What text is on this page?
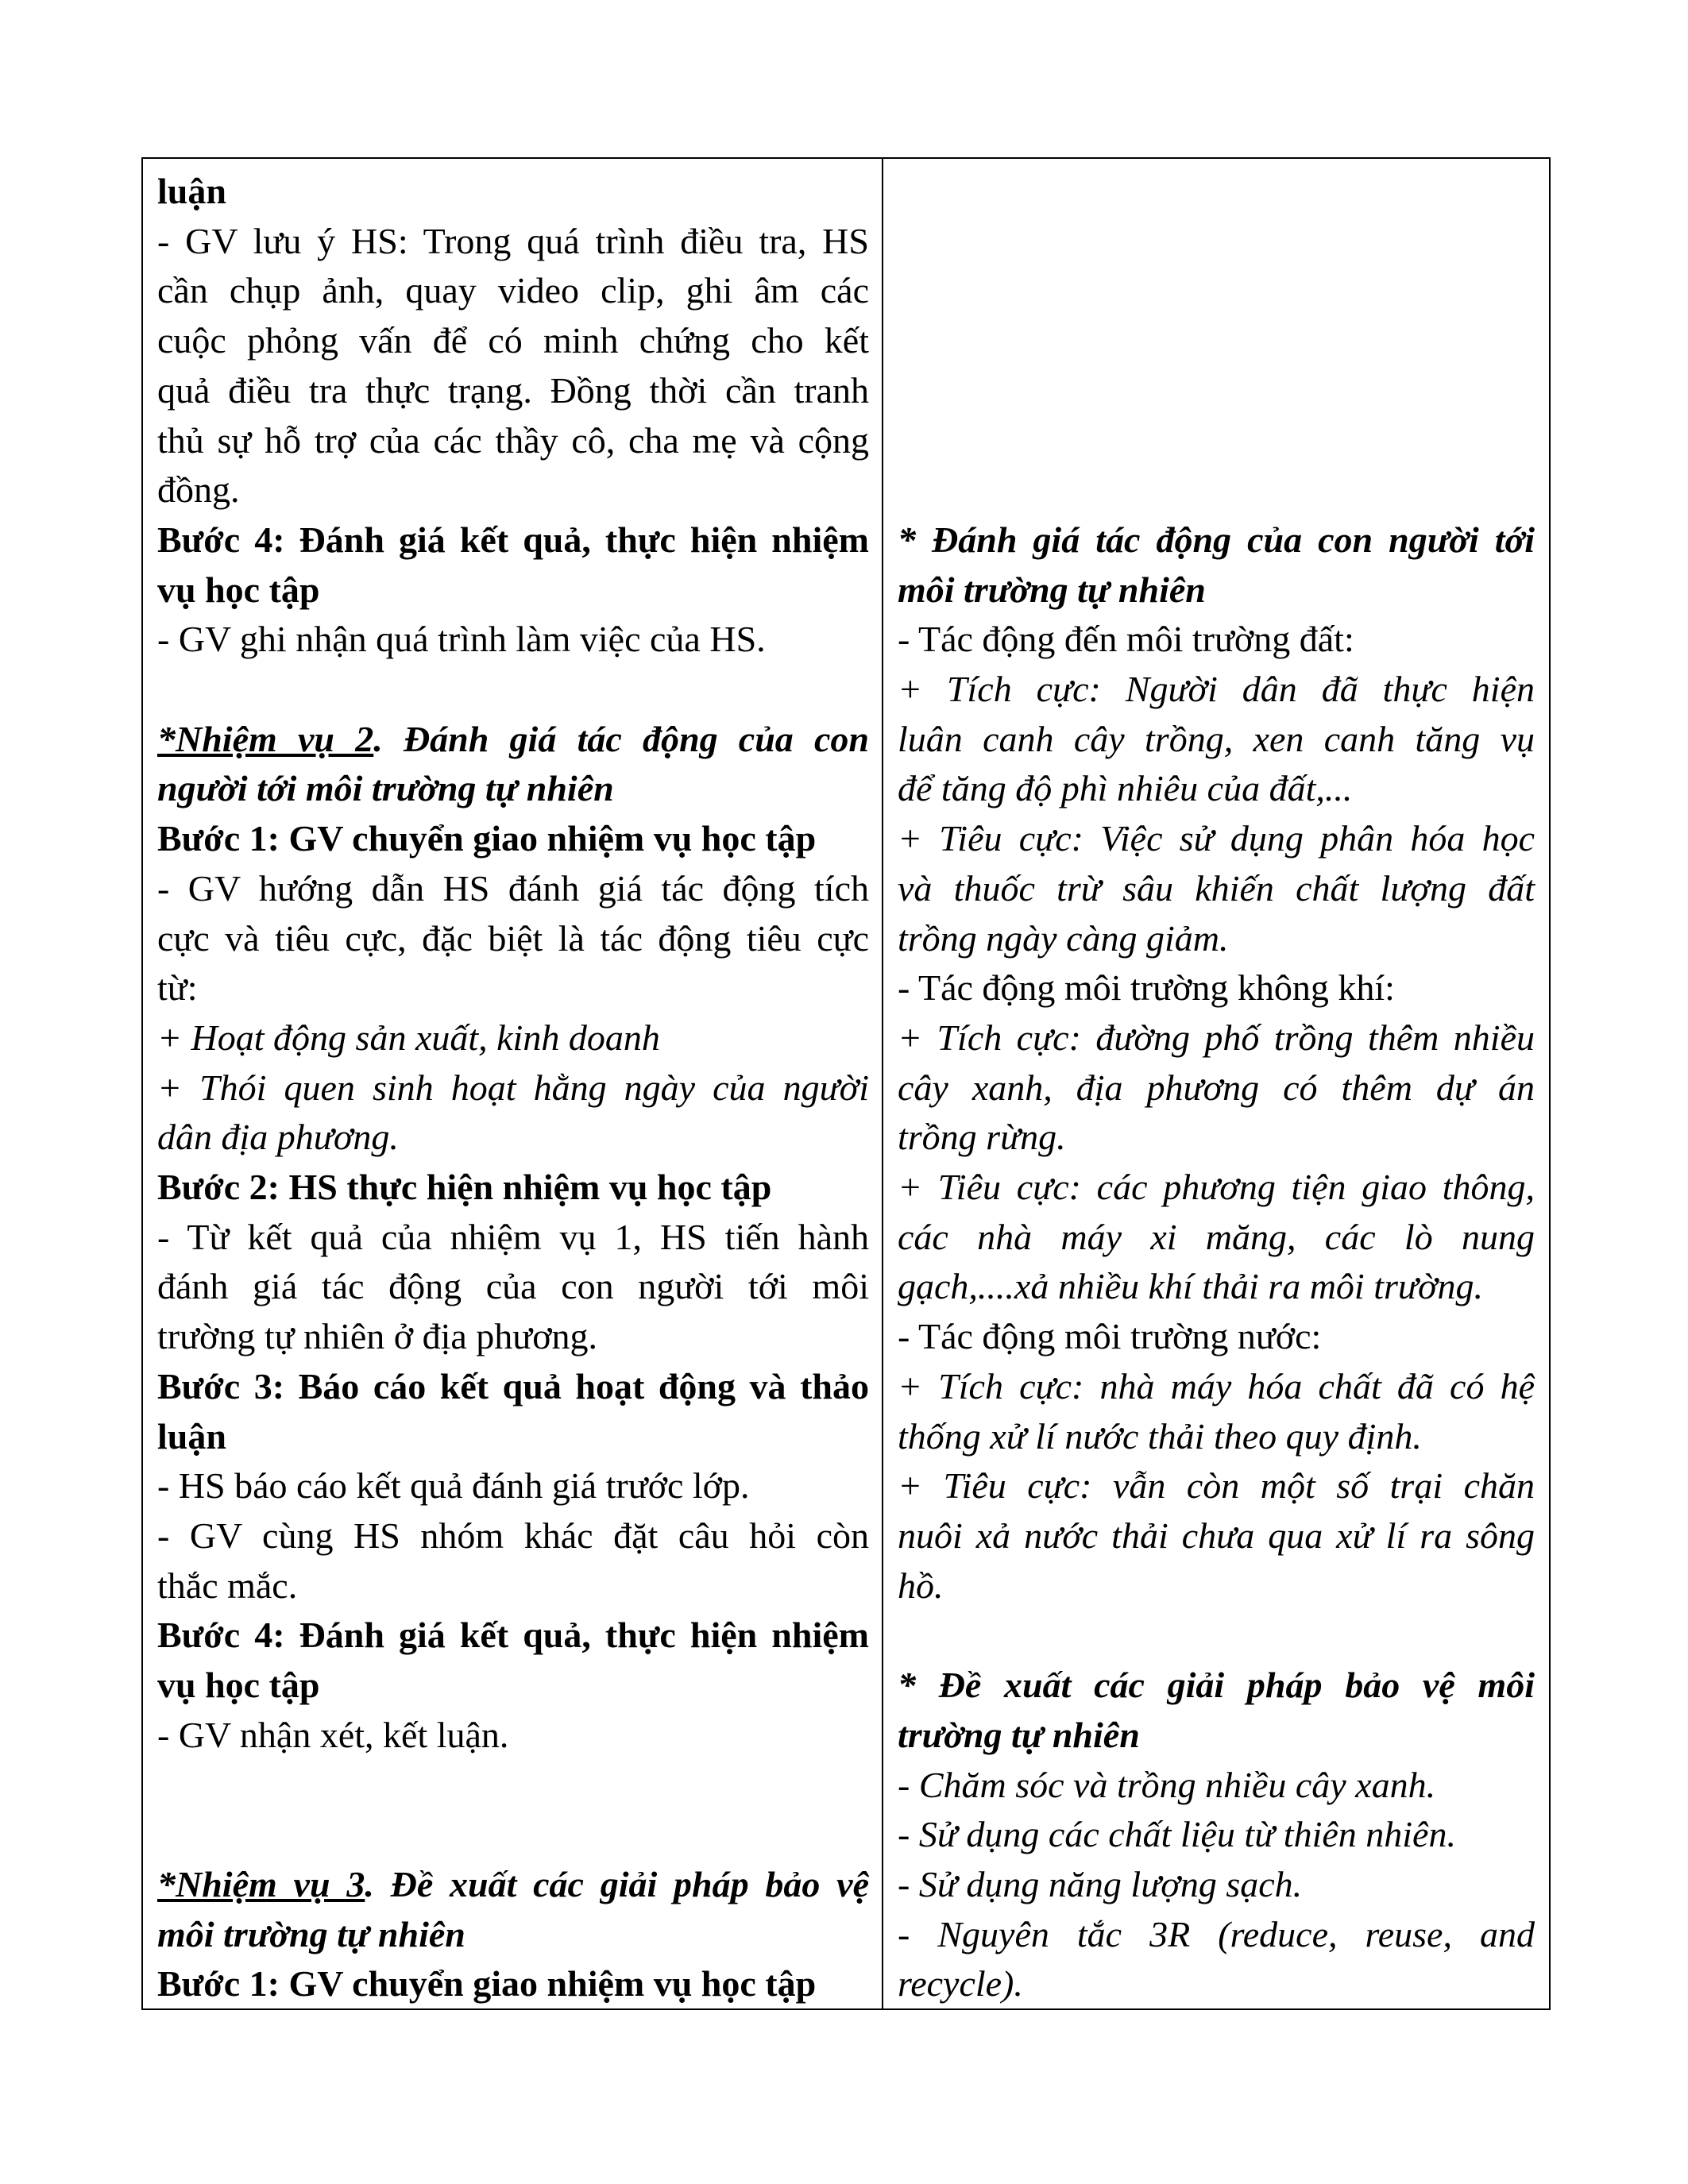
luận
- GV lưu ý HS: Trong quá trình điều tra, HS
cần chụp ảnh, quay video clip, ghi âm các
cuộc phỏng vấn để có minh chứng cho kết
quả điều tra thực trạng. Đồng thời cần tranh
thủ sự hỗ trợ của các thầy cô, cha mẹ và cộng
đồng.
Bước 4: Đánh giá kết quả, thực hiện nhiệm
vụ học tập
- GV ghi nhận quá trình làm việc của HS.

*Nhiệm vụ 2. Đánh giá tác động của con
người tới môi trường tự nhiên
Bước 1: GV chuyển giao nhiệm vụ học tập
- GV hướng dẫn HS đánh giá tác động tích
cực và tiêu cực, đặc biệt là tác động tiêu cực
từ:
+ Hoạt động sản xuất, kinh doanh
+ Thói quen sinh hoạt hằng ngày của người
dân địa phương.
Bước 2: HS thực hiện nhiệm vụ học tập
- Từ kết quả của nhiệm vụ 1, HS tiến hành
đánh giá tác động của con người tới môi
trường tự nhiên ở địa phương.
Bước 3: Báo cáo kết quả hoạt động và thảo
luận
- HS báo cáo kết quả đánh giá trước lớp.
- GV cùng HS nhóm khác đặt câu hỏi còn
thắc mắc.
Bước 4: Đánh giá kết quả, thực hiện nhiệm
vụ học tập
- GV nhận xét, kết luận.

*Nhiệm vụ 3. Đề xuất các giải pháp bảo vệ
môi trường tự nhiên
Bước 1: GV chuyển giao nhiệm vụ học tập

* Đánh giá tác động của con người tới
môi trường tự nhiên
- Tác động đến môi trường đất:
+ Tích cực: Người dân đã thực hiện
luân canh cây trồng, xen canh tăng vụ
để tăng độ phì nhiêu của đất,...
+ Tiêu cực: Việc sử dụng phân hóa học
và thuốc trừ sâu khiến chất lượng đất
trồng ngày càng giảm.
- Tác động môi trường không khí:
+ Tích cực: đường phố trồng thêm nhiều
cây xanh, địa phương có thêm dự án
trồng rừng.
+ Tiêu cực: các phương tiện giao thông,
các nhà máy xi măng, các lò nung
gạch,....xả nhiều khí thải ra môi trường.
- Tác động môi trường nước:
+ Tích cực: nhà máy hóa chất đã có hệ
thống xử lí nước thải theo quy định.
+ Tiêu cực: vẫn còn một số trại chăn
nuôi xả nước thải chưa qua xử lí ra sông
hồ.

* Đề xuất các giải pháp bảo vệ môi
trường tự nhiên
- Chăm sóc và trồng nhiều cây xanh.
- Sử dụng các chất liệu từ thiên nhiên.
- Sử dụng năng lượng sạch.
- Nguyên tắc 3R (reduce, reuse, and
recycle).
